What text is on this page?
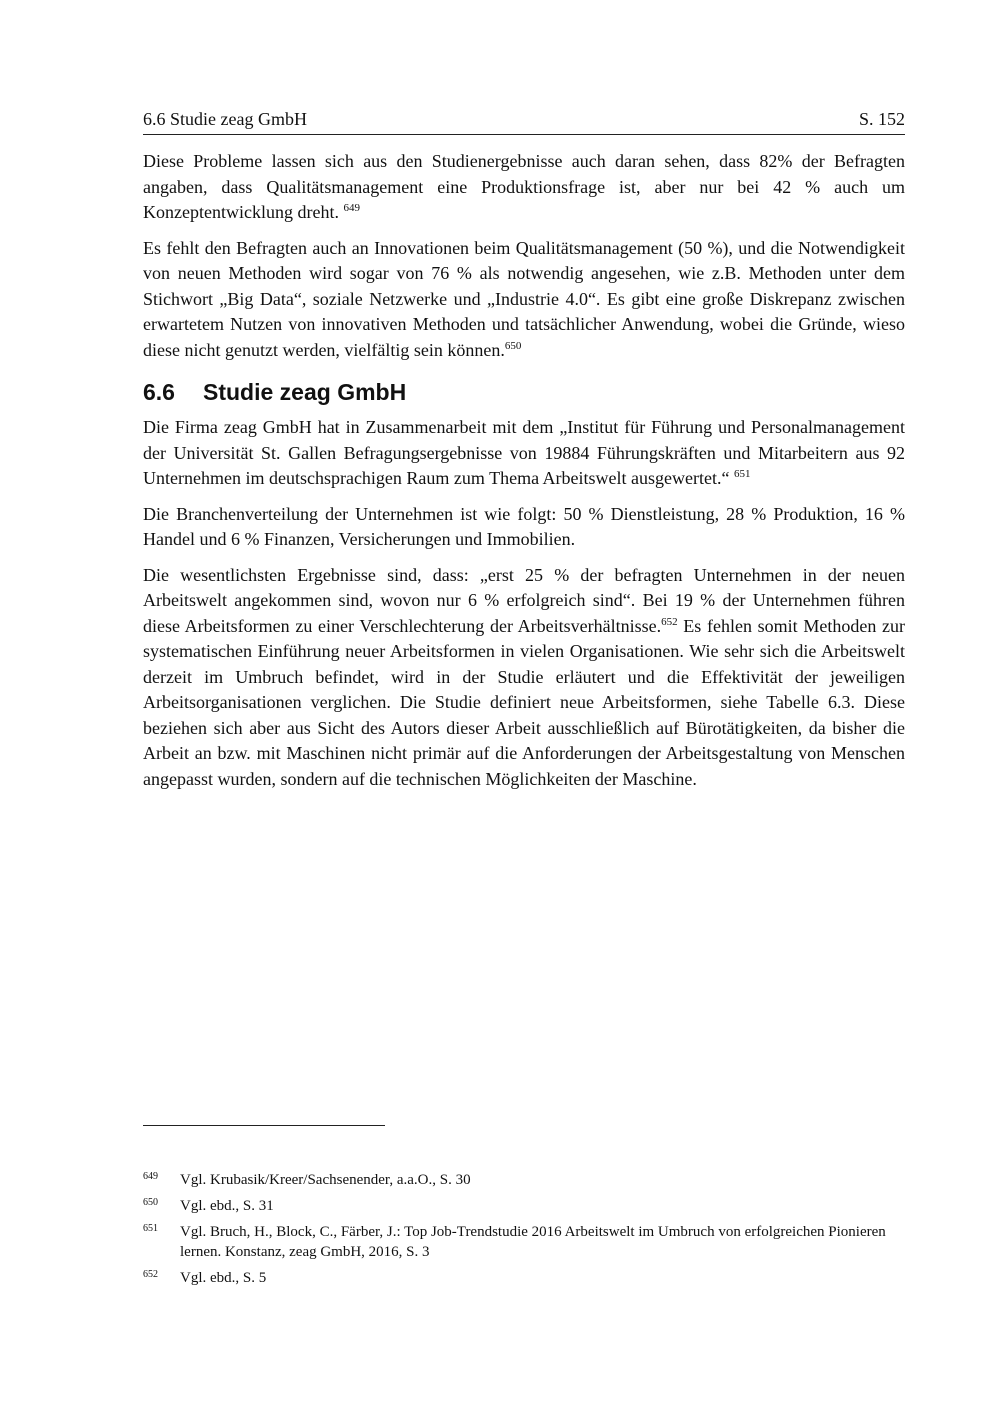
6.6 Studie zeag GmbH	S. 152

Diese Probleme lassen sich aus den Studienergebnisse auch daran sehen, dass 82% der Befragten angaben, dass Qualitätsmanagement eine Produktionsfrage ist, aber nur bei 42 % auch um Konzeptentwicklung dreht. $^{649}$

Es fehlt den Befragten auch an Innovationen beim Qualitätsmanagement (50 %), und die Notwendigkeit von neuen Methoden wird sogar von 76 % als notwendig angesehen, wie z.B. Methoden unter dem Stichwort „Big Data“, soziale Netzwerke und „Industrie 4.0“. Es gibt eine große Diskrepanz zwischen erwartetem Nutzen von innovativen Methoden und tatsächlicher Anwendung, wobei die Gründe, wieso diese nicht genutzt werden, vielfältig sein können.$^{650}$

6.6 Studie zeag GmbH

Die Firma zeag GmbH hat in Zusammenarbeit mit dem „Institut für Führung und Personalmanagement der Universität St. Gallen Befragungsergebnisse von 19884 Führungskräften und Mitarbeitern aus 92 Unternehmen im deutschsprachigen Raum zum Thema Arbeitswelt ausgewertet.“ $^{651}$

Die Branchenverteilung der Unternehmen ist wie folgt: 50 % Dienstleistung, 28 % Produktion, 16 % Handel und 6 % Finanzen, Versicherungen und Immobilien.

Die wesentlichsten Ergebnisse sind, dass: „erst 25 % der befragten Unternehmen in der neuen Arbeitswelt angekommen sind, wovon nur 6 % erfolgreich sind“. Bei 19 % der Unternehmen führen diese Arbeitsformen zu einer Verschlechterung der Arbeitsverhältnisse.$^{652}$ Es fehlen somit Methoden zur systematischen Einführung neuer Arbeitsformen in vielen Organisationen. Wie sehr sich die Arbeitswelt derzeit im Umbruch befindet, wird in der Studie erläutert und die Effektivität der jeweiligen Arbeitsorganisationen verglichen. Die Studie definiert neue Arbeitsformen, siehe Tabelle 6.3. Diese beziehen sich aber aus Sicht des Autors dieser Arbeit ausschließlich auf Bürotätigkeiten, da bisher die Arbeit an bzw. mit Maschinen nicht primär auf die Anforderungen der Arbeitsgestaltung von Menschen angepasst wurden, sondern auf die technischen Möglichkeiten der Maschine.

$^{649}$ Vgl. Krubasik/Kreer/Sachsenender, a.a.O., S. 30
$^{650}$ Vgl. ebd., S. 31
$^{651}$ Vgl. Bruch, H., Block, C., Färber, J.: Top Job-Trendstudie 2016 Arbeitswelt im Umbruch von erfolgreichen Pionieren lernen. Konstanz, zeag GmbH, 2016, S. 3
$^{652}$ Vgl. ebd., S. 5
